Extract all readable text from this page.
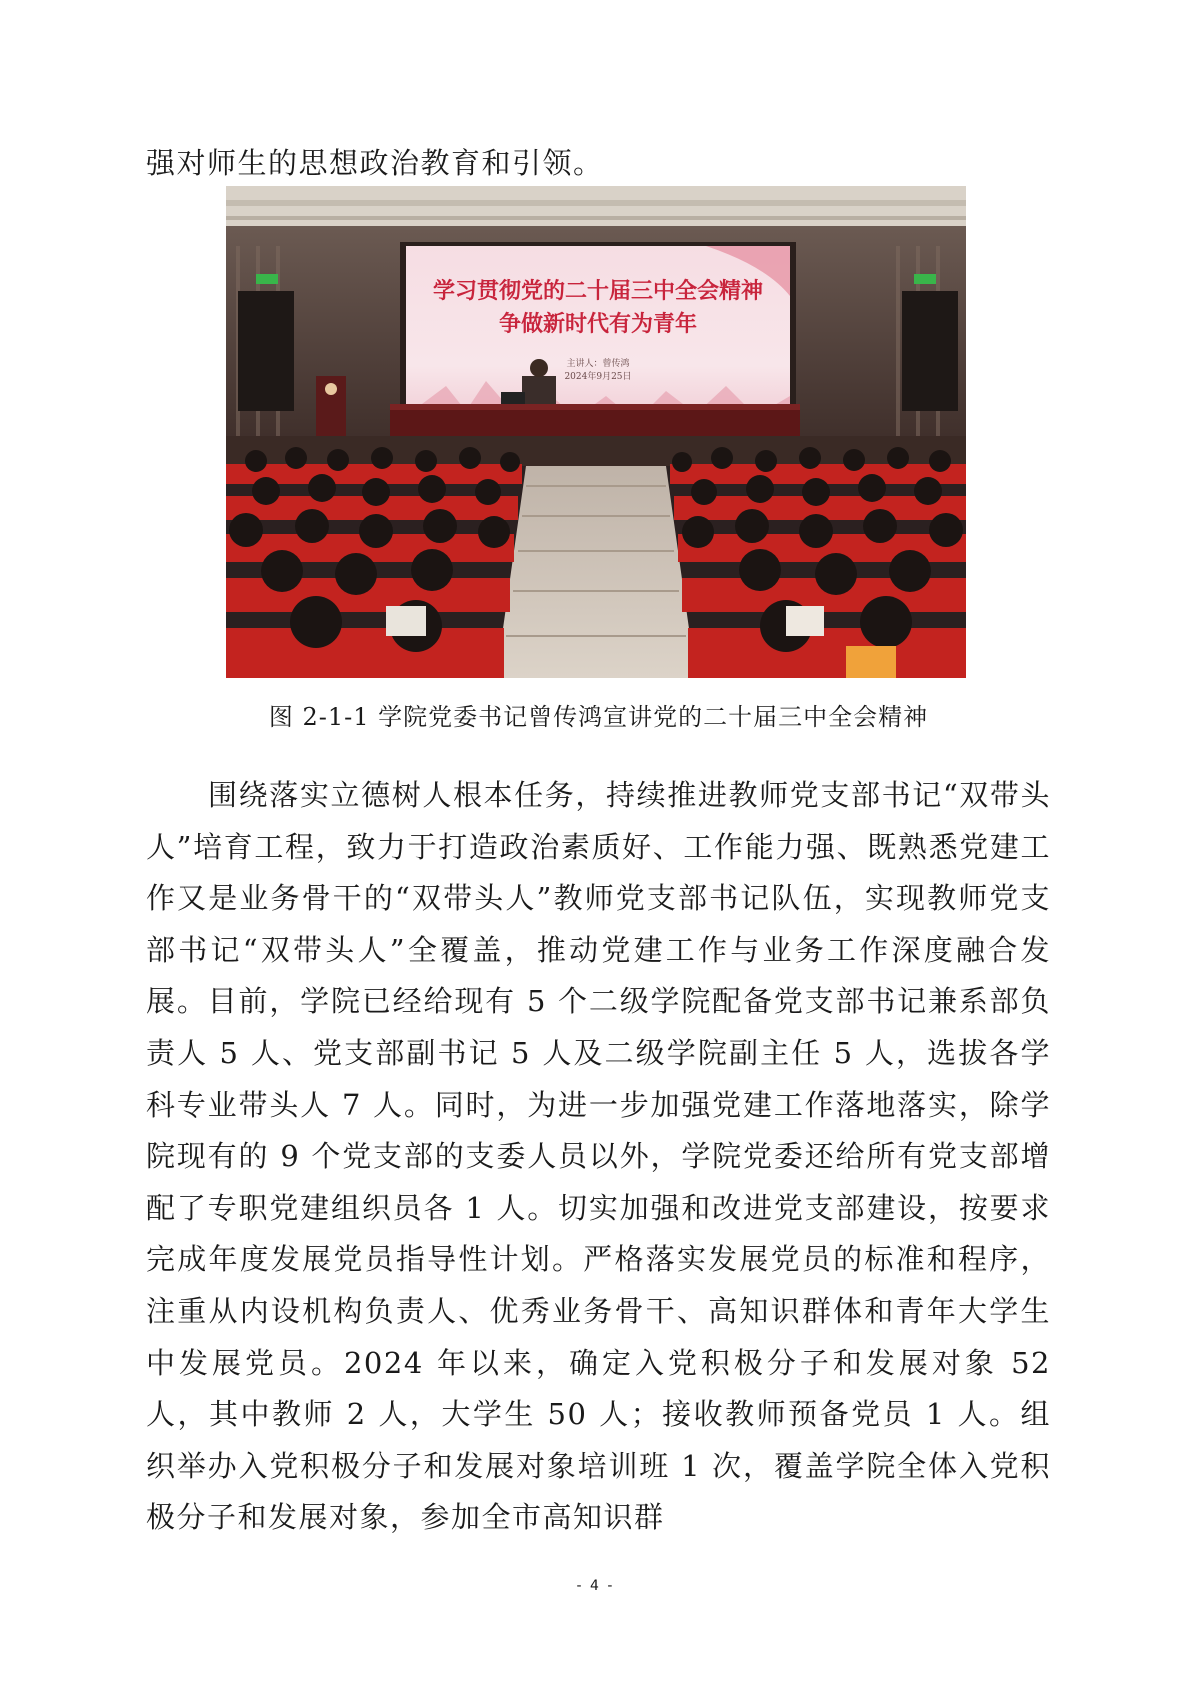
强对师生的思想政治教育和引领。

学习贯彻党的二十届三中全会精神
争做新时代有为青年
主讲人：曾传鸿
2024年9月25日

图 2-1-1 学院党委书记曾传鸿宣讲党的二十届三中全会精神

围绕落实立德树人根本任务，持续推进教师党支部书记“双带头人”培育工程，致力于打造政治素质好、工作能力强、既熟悉党建工作又是业务骨干的“双带头人”教师党支部书记队伍，实现教师党支部书记“双带头人”全覆盖，推动党建工作与业务工作深度融合发展。目前，学院已经给现有 5 个二级学院配备党支部书记兼系部负责人 5 人、党支部副书记 5 人及二级学院副主任 5 人，选拔各学科专业带头人 7 人。同时，为进一步加强党建工作落地落实，除学院现有的 9 个党支部的支委人员以外，学院党委还给所有党支部增配了专职党建组织员各 1 人。切实加强和改进党支部建设，按要求完成年度发展党员指导性计划。严格落实发展党员的标准和程序，注重从内设机构负责人、优秀业务骨干、高知识群体和青年大学生中发展党员。2024 年以来，确定入党积极分子和发展对象 52 人，其中教师 2 人，大学生 50 人；接收教师预备党员 1 人。组织举办入党积极分子和发展对象培训班 1 次，覆盖学院全体入党积极分子和发展对象，参加全市高知识群

- 4 -
